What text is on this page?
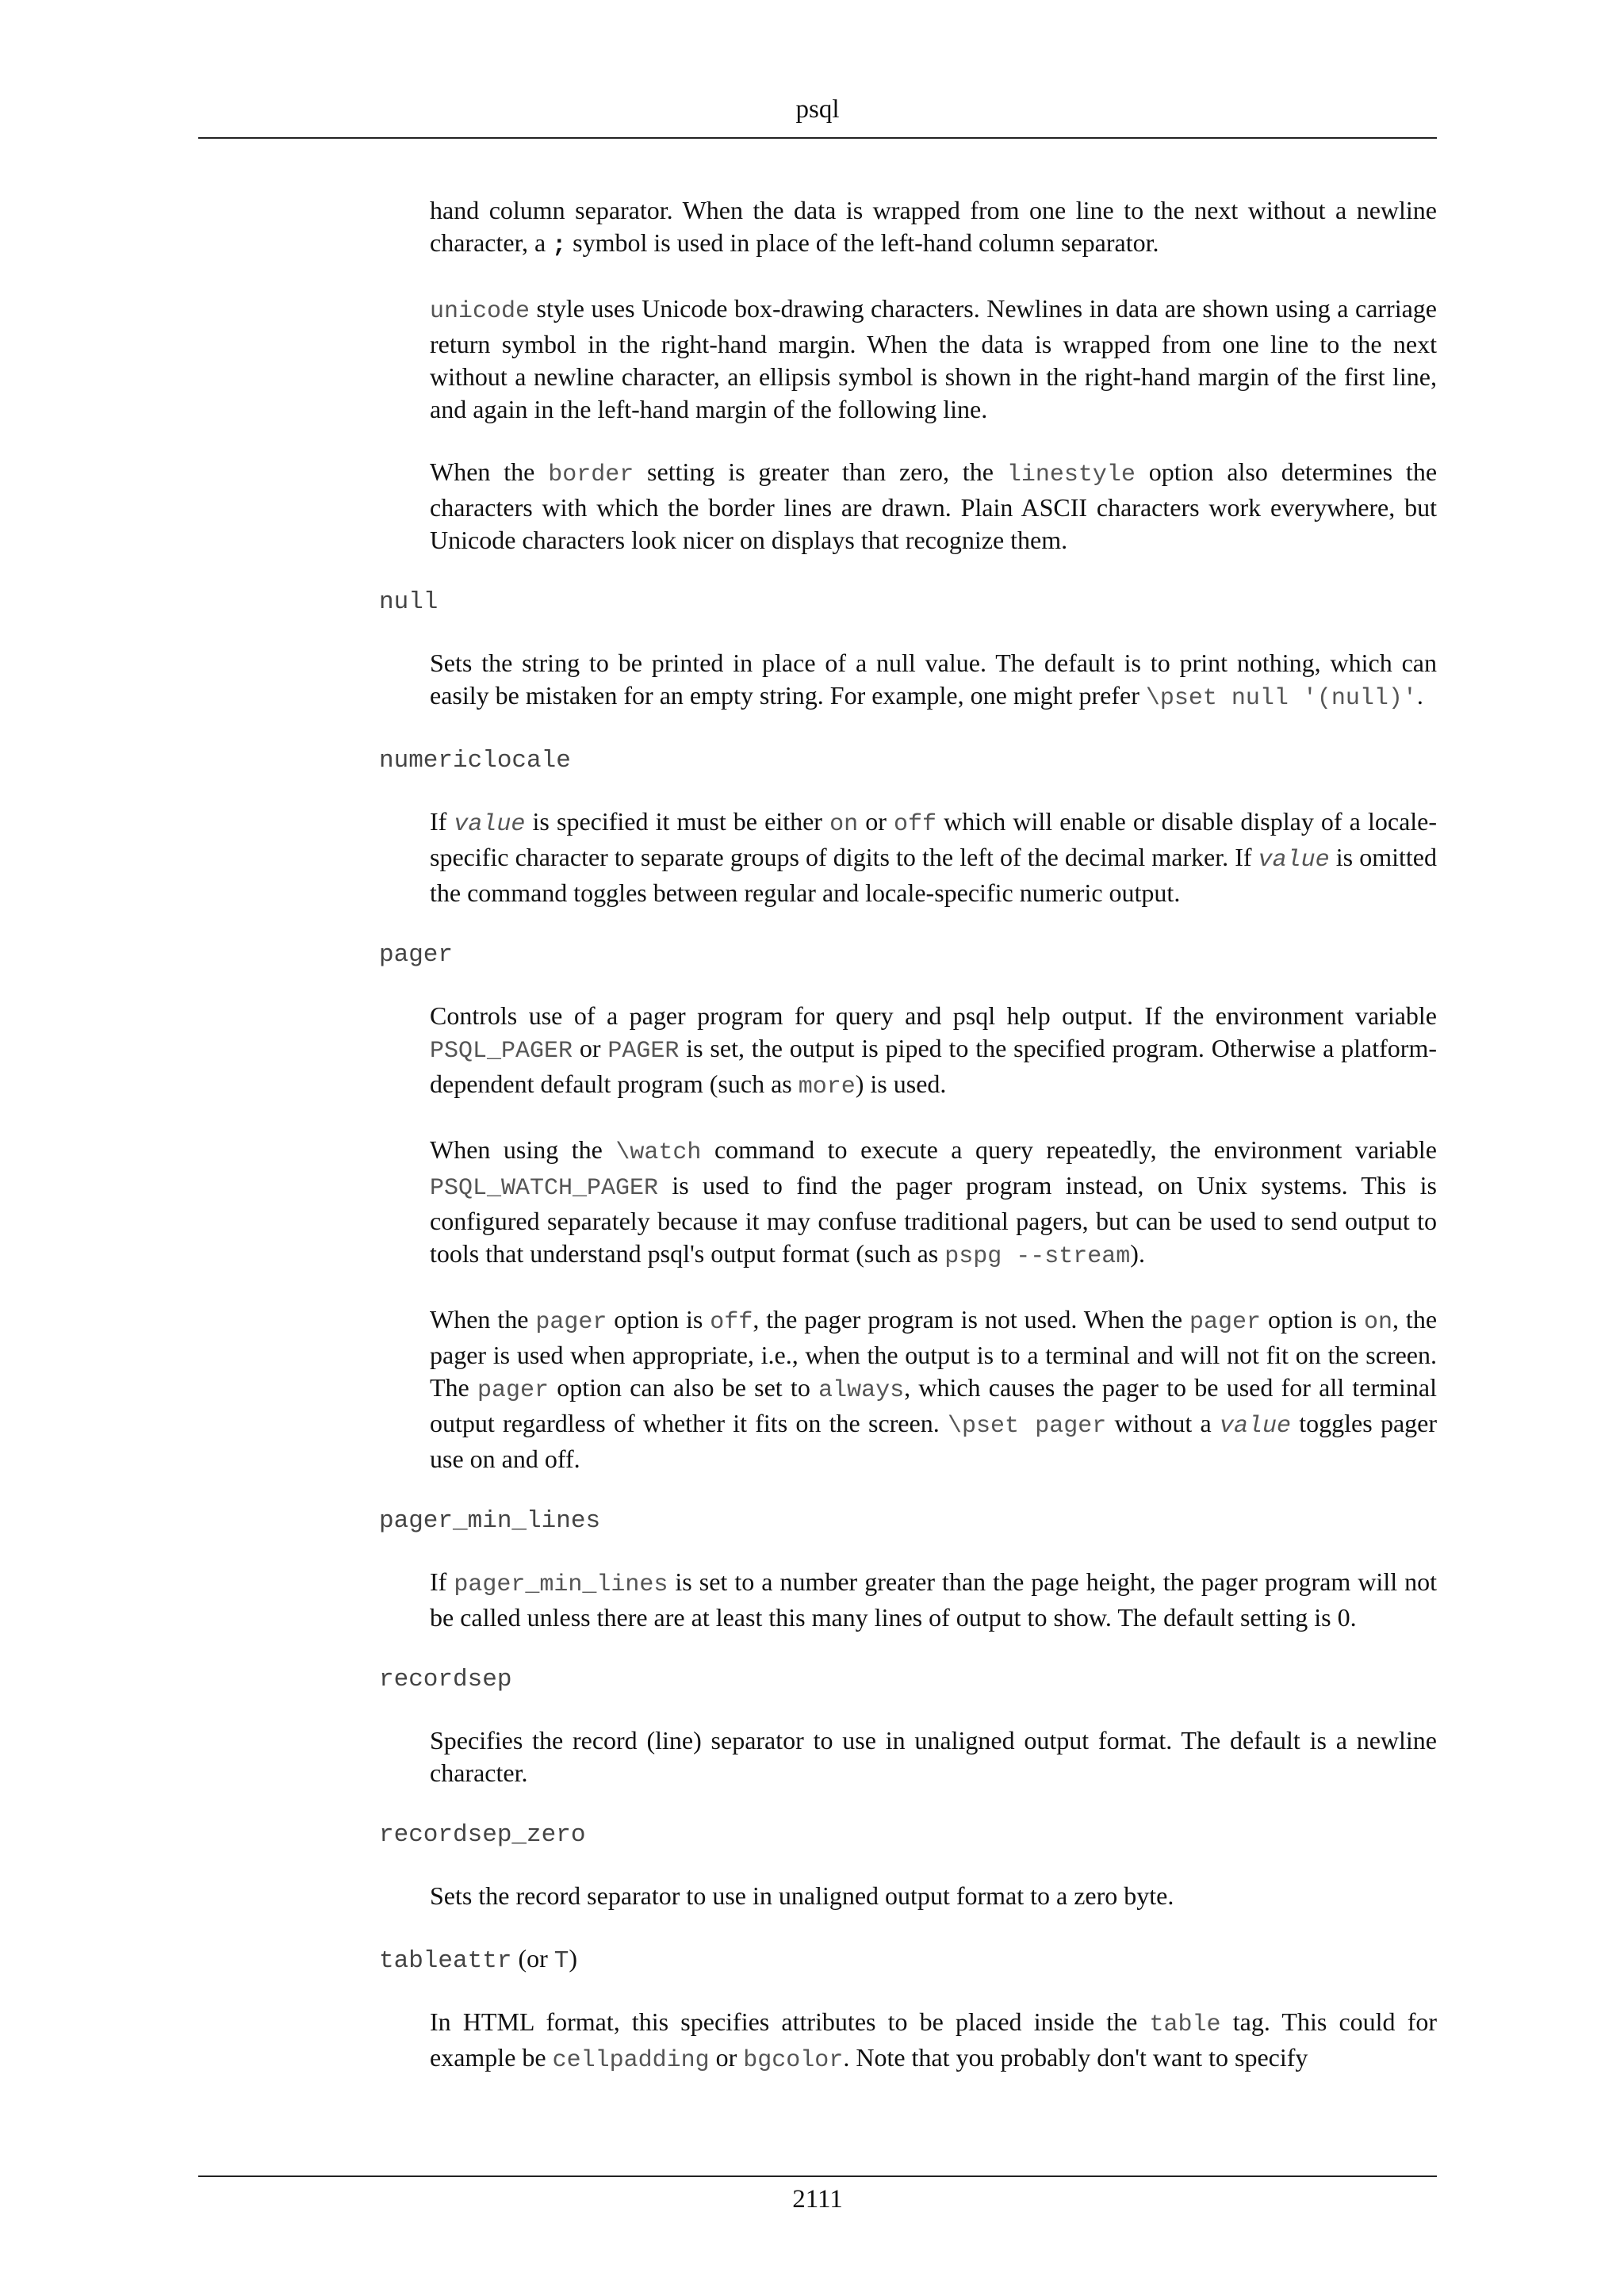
psql

hand column separator. When the data is wrapped from one line to the next without a newline character, a ; symbol is used in place of the left-hand column separator.

unicode style uses Unicode box-drawing characters. Newlines in data are shown using a carriage return symbol in the right-hand margin. When the data is wrapped from one line to the next without a newline character, an ellipsis symbol is shown in the right-hand margin of the first line, and again in the left-hand margin of the following line.

When the border setting is greater than zero, the linestyle option also determines the characters with which the border lines are drawn. Plain ASCII characters work everywhere, but Unicode characters look nicer on displays that recognize them.

null

Sets the string to be printed in place of a null value. The default is to print nothing, which can easily be mistaken for an empty string. For example, one might prefer \pset null '(null)'.

numericlocale

If value is specified it must be either on or off which will enable or disable display of a locale-specific character to separate groups of digits to the left of the decimal marker. If value is omitted the command toggles between regular and locale-specific numeric output.

pager

Controls use of a pager program for query and psql help output. If the environment variable PSQL_PAGER or PAGER is set, the output is piped to the specified program. Otherwise a platform-dependent default program (such as more) is used.

When using the \watch command to execute a query repeatedly, the environment variable PSQL_WATCH_PAGER is used to find the pager program instead, on Unix systems. This is configured separately because it may confuse traditional pagers, but can be used to send output to tools that understand psql's output format (such as pspg --stream).

When the pager option is off, the pager program is not used. When the pager option is on, the pager is used when appropriate, i.e., when the output is to a terminal and will not fit on the screen. The pager option can also be set to always, which causes the pager to be used for all terminal output regardless of whether it fits on the screen. \pset pager without a value toggles pager use on and off.

pager_min_lines

If pager_min_lines is set to a number greater than the page height, the pager program will not be called unless there are at least this many lines of output to show. The default setting is 0.

recordsep

Specifies the record (line) separator to use in unaligned output format. The default is a newline character.

recordsep_zero

Sets the record separator to use in unaligned output format to a zero byte.

tableattr (or T)

In HTML format, this specifies attributes to be placed inside the table tag. This could for example be cellpadding or bgcolor. Note that you probably don't want to specify

2111
